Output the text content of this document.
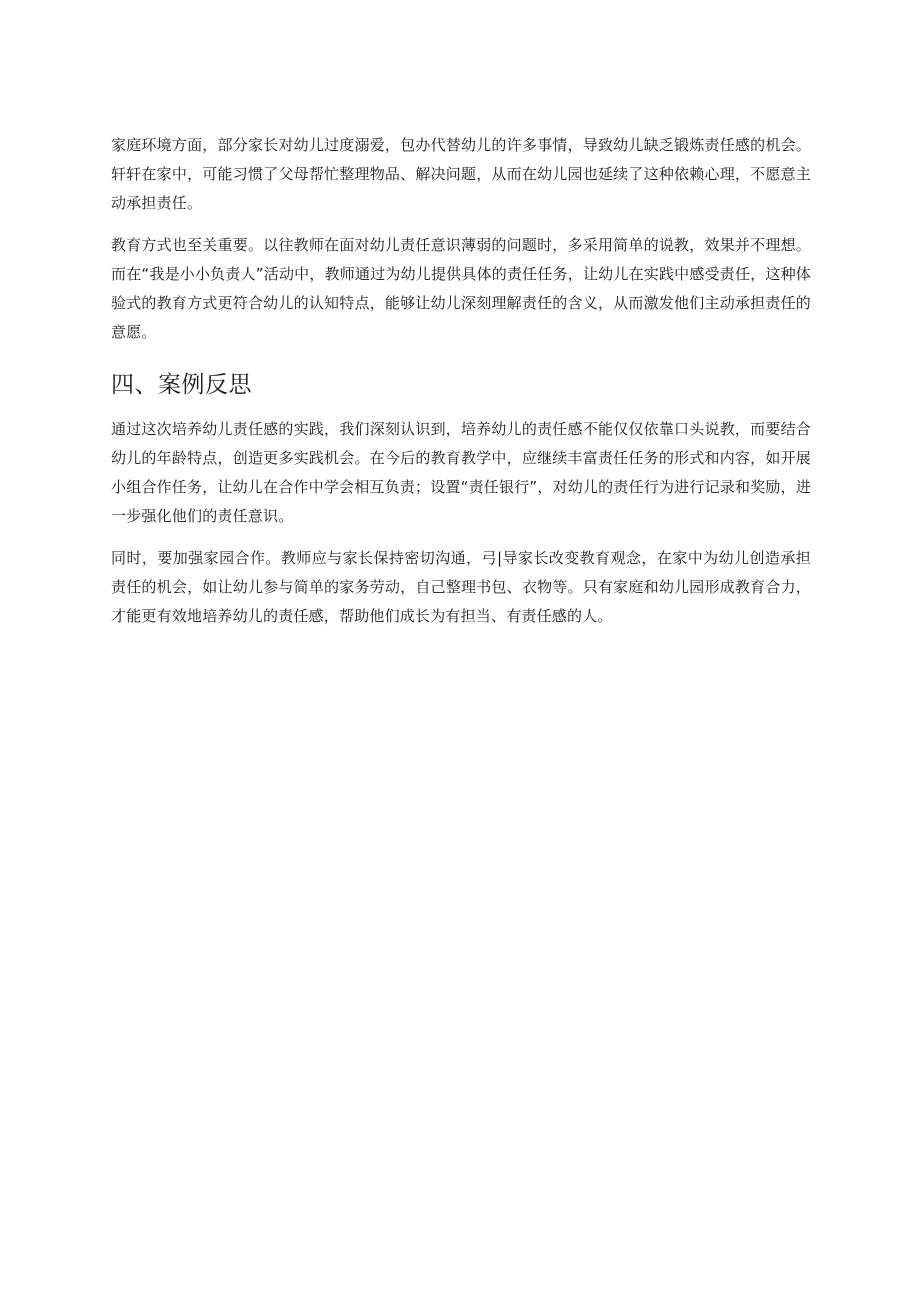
家庭环境方面，部分家长对幼儿过度溺爱，包办代替幼儿的许多事情，导致幼儿缺乏锻炼责任感的机会。轩轩在家中，可能习惯了父母帮忙整理物品、解决问题，从而在幼儿园也延续了这种依赖心理，不愿意主动承担责任。

教育方式也至关重要。以往教师在面对幼儿责任意识薄弱的问题时，多采用简单的说教，效果并不理想。而在“我是小小负责人”活动中，教师通过为幼儿提供具体的责任任务，让幼儿在实践中感受责任，这种体验式的教育方式更符合幼儿的认知特点，能够让幼儿深刻理解责任的含义，从而激发他们主动承担责任的意愿。

四、案例反思

通过这次培养幼儿责任感的实践，我们深刻认识到，培养幼儿的责任感不能仅仅依靠口头说教，而要结合幼儿的年龄特点，创造更多实践机会。在今后的教育教学中，应继续丰富责任任务的形式和内容，如开展小组合作任务，让幼儿在合作中学会相互负责；设置“责任银行”，对幼儿的责任行为进行记录和奖励，进一步强化他们的责任意识。

同时，要加强家园合作。教师应与家长保持密切沟通，弓|导家长改变教育观念，在家中为幼儿创造承担责任的机会，如让幼儿参与简单的家务劳动，自己整理书包、衣物等。只有家庭和幼儿园形成教育合力，才能更有效地培养幼儿的责任感，帮助他们成长为有担当、有责任感的人。
